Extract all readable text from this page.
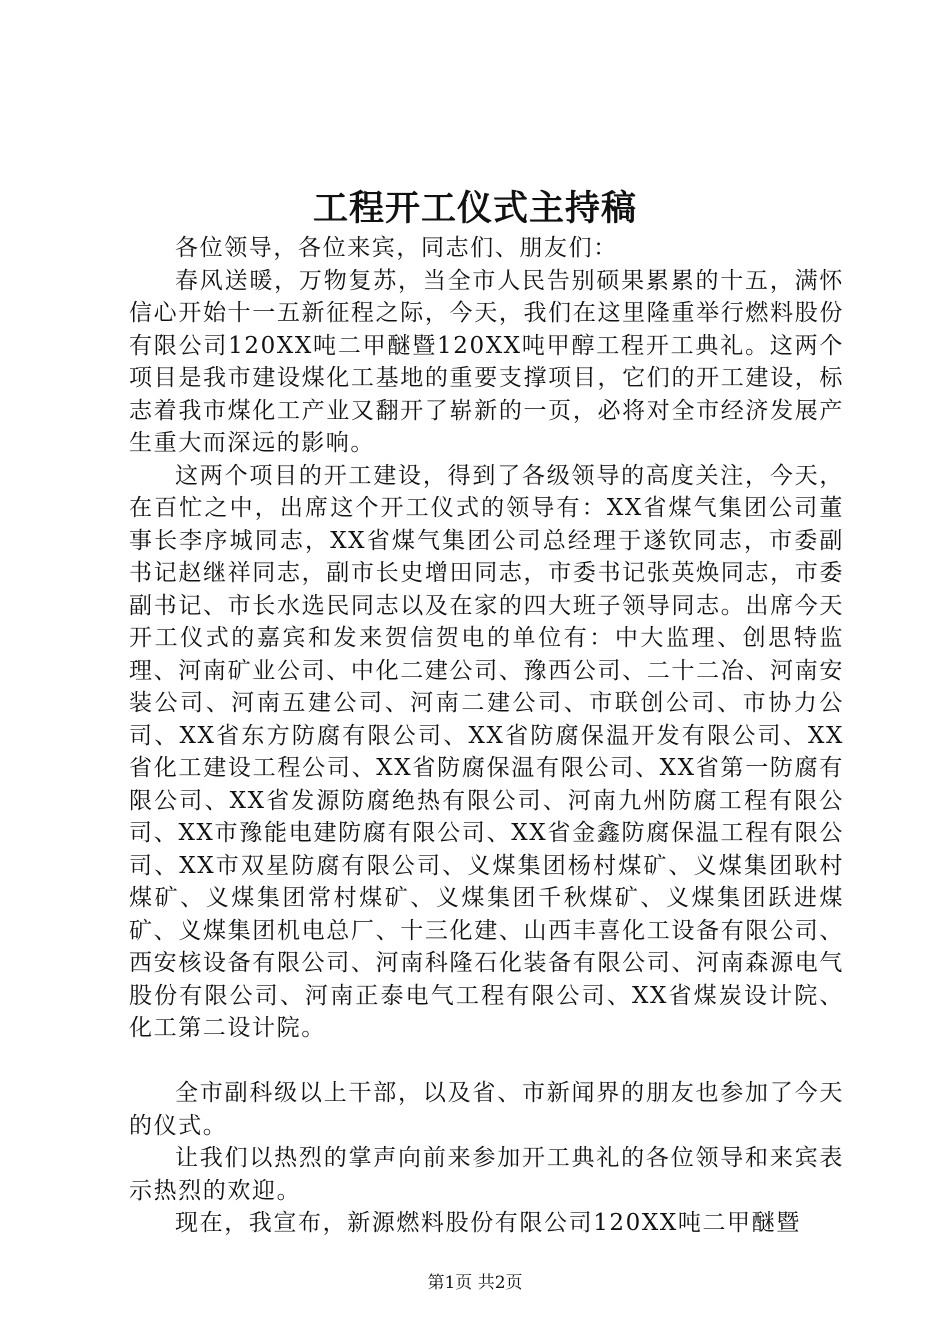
工程开工仪式主持稿

各位领导，各位来宾，同志们、朋友们：

春风送暖，万物复苏，当全市人民告别硕果累累的十五，满怀信心开始十一五新征程之际，今天，我们在这里隆重举行燃料股份有限公司120XX吨二甲醚暨120XX吨甲醇工程开工典礼。这两个项目是我市建设煤化工基地的重要支撑项目，它们的开工建设，标志着我市煤化工产业又翻开了崭新的一页，必将对全市经济发展产生重大而深远的影响。

这两个项目的开工建设，得到了各级领导的高度关注，今天，在百忙之中，出席这个开工仪式的领导有：XX省煤气集团公司董事长李序城同志，XX省煤气集团公司总经理于遂钦同志，市委副书记赵继祥同志，副市长史增田同志，市委书记张英焕同志，市委副书记、市长水选民同志以及在家的四大班子领导同志。出席今天开工仪式的嘉宾和发来贺信贺电的单位有：中大监理、创思特监理、河南矿业公司、中化二建公司、豫西公司、二十二冶、河南安装公司、河南五建公司、河南二建公司、市联创公司、市协力公司、XX省东方防腐有限公司、XX省防腐保温开发有限公司、XX省化工建设工程公司、XX省防腐保温有限公司、XX省第一防腐有限公司、XX省发源防腐绝热有限公司、河南九州防腐工程有限公司、XX市豫能电建防腐有限公司、XX省金鑫防腐保温工程有限公司、XX市双星防腐有限公司、义煤集团杨村煤矿、义煤集团耿村煤矿、义煤集团常村煤矿、义煤集团千秋煤矿、义煤集团跃进煤矿、义煤集团机电总厂、十三化建、山西丰喜化工设备有限公司、西安核设备有限公司、河南科隆石化装备有限公司、河南森源电气股份有限公司、河南正泰电气工程有限公司、XX省煤炭设计院、化工第二设计院。

全市副科级以上干部，以及省、市新闻界的朋友也参加了今天的仪式。

让我们以热烈的掌声向前来参加开工典礼的各位领导和来宾表示热烈的欢迎。

现在，我宣布，新源燃料股份有限公司120XX吨二甲醚暨

第1页 共2页
